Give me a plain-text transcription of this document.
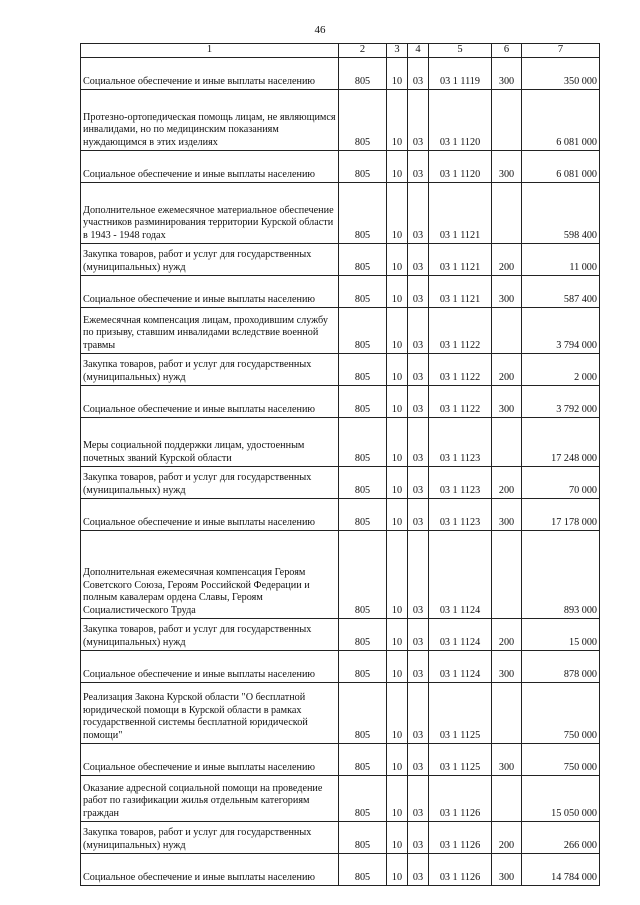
46
1	2	3	4	5	6	7
Социальное обеспечение и иные выплаты населению	805	10	03	03 1 1119	300	350 000
Протезно-ортопедическая помощь лицам, не являющимся инвалидами, но по медицинским показаниям нуждающимся в этих изделиях	805	10	03	03 1 1120		6 081 000
Социальное обеспечение и иные выплаты населению	805	10	03	03 1 1120	300	6 081 000
Дополнительное ежемесячное материальное обеспечение участников разминирования территории Курской области в 1943 - 1948 годах	805	10	03	03 1 1121		598 400
Закупка товаров, работ и услуг для государственных (муниципальных) нужд	805	10	03	03 1 1121	200	11 000
Социальное обеспечение и иные выплаты населению	805	10	03	03 1 1121	300	587 400
Ежемесячная компенсация лицам, проходившим службу по призыву, ставшим инвалидами вследствие военной травмы	805	10	03	03 1 1122		3 794 000
Закупка товаров, работ и услуг для государственных (муниципальных) нужд	805	10	03	03 1 1122	200	2 000
Социальное обеспечение и иные выплаты населению	805	10	03	03 1 1122	300	3 792 000
Меры социальной поддержки лицам, удостоенным почетных званий Курской области	805	10	03	03 1 1123		17 248 000
Закупка товаров, работ и услуг для государственных (муниципальных) нужд	805	10	03	03 1 1123	200	70 000
Социальное обеспечение и иные выплаты населению	805	10	03	03 1 1123	300	17 178 000
Дополнительная ежемесячная компенсация Героям Советского Союза, Героям Российской Федерации и полным кавалерам ордена Славы, Героям Социалистического Труда	805	10	03	03 1 1124		893 000
Закупка товаров, работ и услуг для государственных (муниципальных) нужд	805	10	03	03 1 1124	200	15 000
Социальное обеспечение и иные выплаты населению	805	10	03	03 1 1124	300	878 000
Реализация Закона Курской области "О бесплатной юридической помощи в Курской области в рамках государственной системы бесплатной юридической помощи"	805	10	03	03 1 1125		750 000
Социальное обеспечение и иные выплаты населению	805	10	03	03 1 1125	300	750 000
Оказание адресной социальной помощи на проведение работ по газификации жилья отдельным категориям граждан	805	10	03	03 1 1126		15 050 000
Закупка товаров, работ и услуг для государственных (муниципальных) нужд	805	10	03	03 1 1126	200	266 000
Социальное обеспечение и иные выплаты населению	805	10	03	03 1 1126	300	14 784 000
